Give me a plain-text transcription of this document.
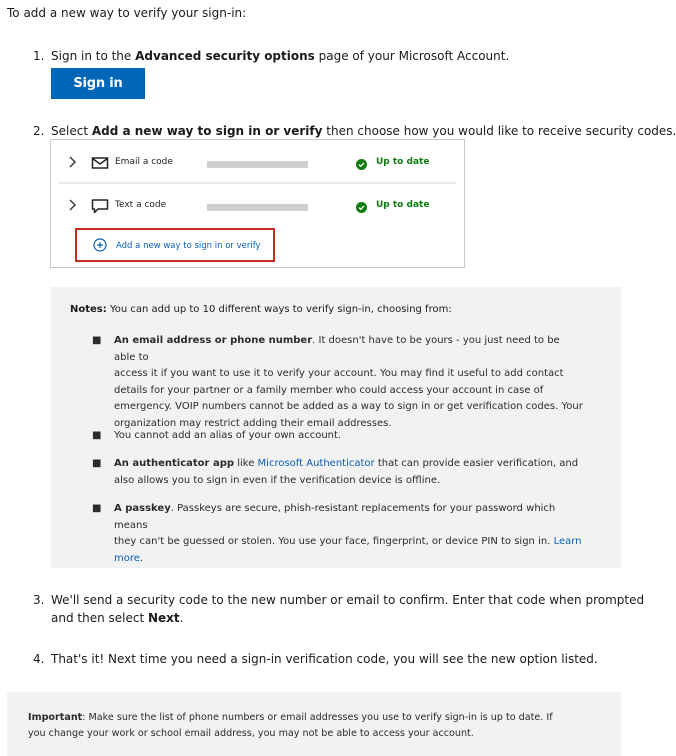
To add a new way to verify your sign-in:
1. Sign in to the Advanced security options page of your Microsoft Account.
Sign in
2. Select Add a new way to sign in or verify then choose how you would like to receive security codes.
Email a code	Up to date
Text a code	Up to date
Add a new way to sign in or verify
Notes: You can add up to 10 different ways to verify sign-in, choosing from:
■ An email address or phone number. It doesn't have to be yours - you just need to be able to
access it if you want to use it to verify your account. You may find it useful to add contact
details for your partner or a family member who could access your account in case of
emergency. VOIP numbers cannot be added as a way to sign in or get verification codes. Your
organization may restrict adding their email addresses.
■ You cannot add an alias of your own account.
■ An authenticator app like Microsoft Authenticator that can provide easier verification, and
also allows you to sign in even if the verification device is offline.
■ A passkey. Passkeys are secure, phish-resistant replacements for your password which means
they can't be guessed or stolen. You use your face, fingerprint, or device PIN to sign in. Learn
more.
3. We'll send a security code to the new number or email to confirm. Enter that code when prompted
and then select Next.
4. That's it! Next time you need a sign-in verification code, you will see the new option listed.
Important: Make sure the list of phone numbers or email addresses you use to verify sign-in is up to date. If
you change your work or school email address, you may not be able to access your account.
